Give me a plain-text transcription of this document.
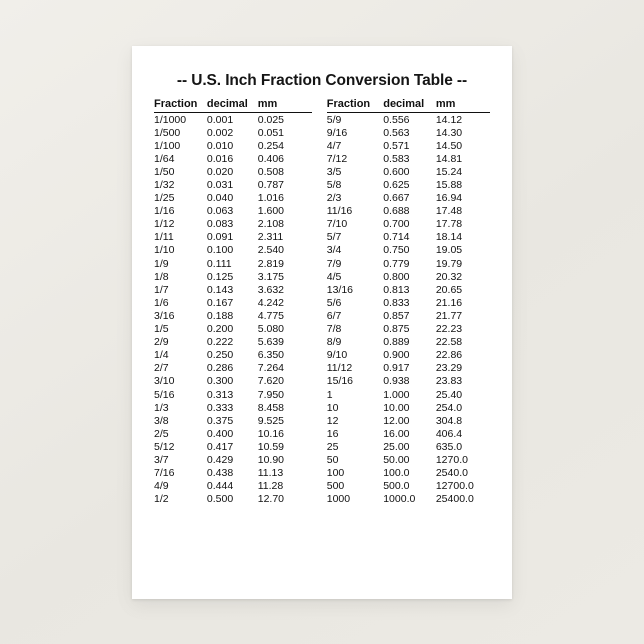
-- U.S. Inch Fraction Conversion Table --
Fraction	decimal	mm		Fraction	decimal	mm
1/1000	0.001	0.025		5/9	0.556	14.12
1/500	0.002	0.051		9/16	0.563	14.30
1/100	0.010	0.254		4/7	0.571	14.50
1/64	0.016	0.406		7/12	0.583	14.81
1/50	0.020	0.508		3/5	0.600	15.24
1/32	0.031	0.787		5/8	0.625	15.88
1/25	0.040	1.016		2/3	0.667	16.94
1/16	0.063	1.600		11/16	0.688	17.48
1/12	0.083	2.108		7/10	0.700	17.78
1/11	0.091	2.311		5/7	0.714	18.14
1/10	0.100	2.540		3/4	0.750	19.05
1/9	0.111	2.819		7/9	0.779	19.79
1/8	0.125	3.175		4/5	0.800	20.32
1/7	0.143	3.632		13/16	0.813	20.65
1/6	0.167	4.242		5/6	0.833	21.16
3/16	0.188	4.775		6/7	0.857	21.77
1/5	0.200	5.080		7/8	0.875	22.23
2/9	0.222	5.639		8/9	0.889	22.58
1/4	0.250	6.350		9/10	0.900	22.86
2/7	0.286	7.264		11/12	0.917	23.29
3/10	0.300	7.620		15/16	0.938	23.83
5/16	0.313	7.950		1	1.000	25.40
1/3	0.333	8.458		10	10.00	254.0
3/8	0.375	9.525		12	12.00	304.8
2/5	0.400	10.16		16	16.00	406.4
5/12	0.417	10.59		25	25.00	635.0
3/7	0.429	10.90		50	50.00	1270.0
7/16	0.438	11.13		100	100.0	2540.0
4/9	0.444	11.28		500	500.0	12700.0
1/2	0.500	12.70		1000	1000.0	25400.0
